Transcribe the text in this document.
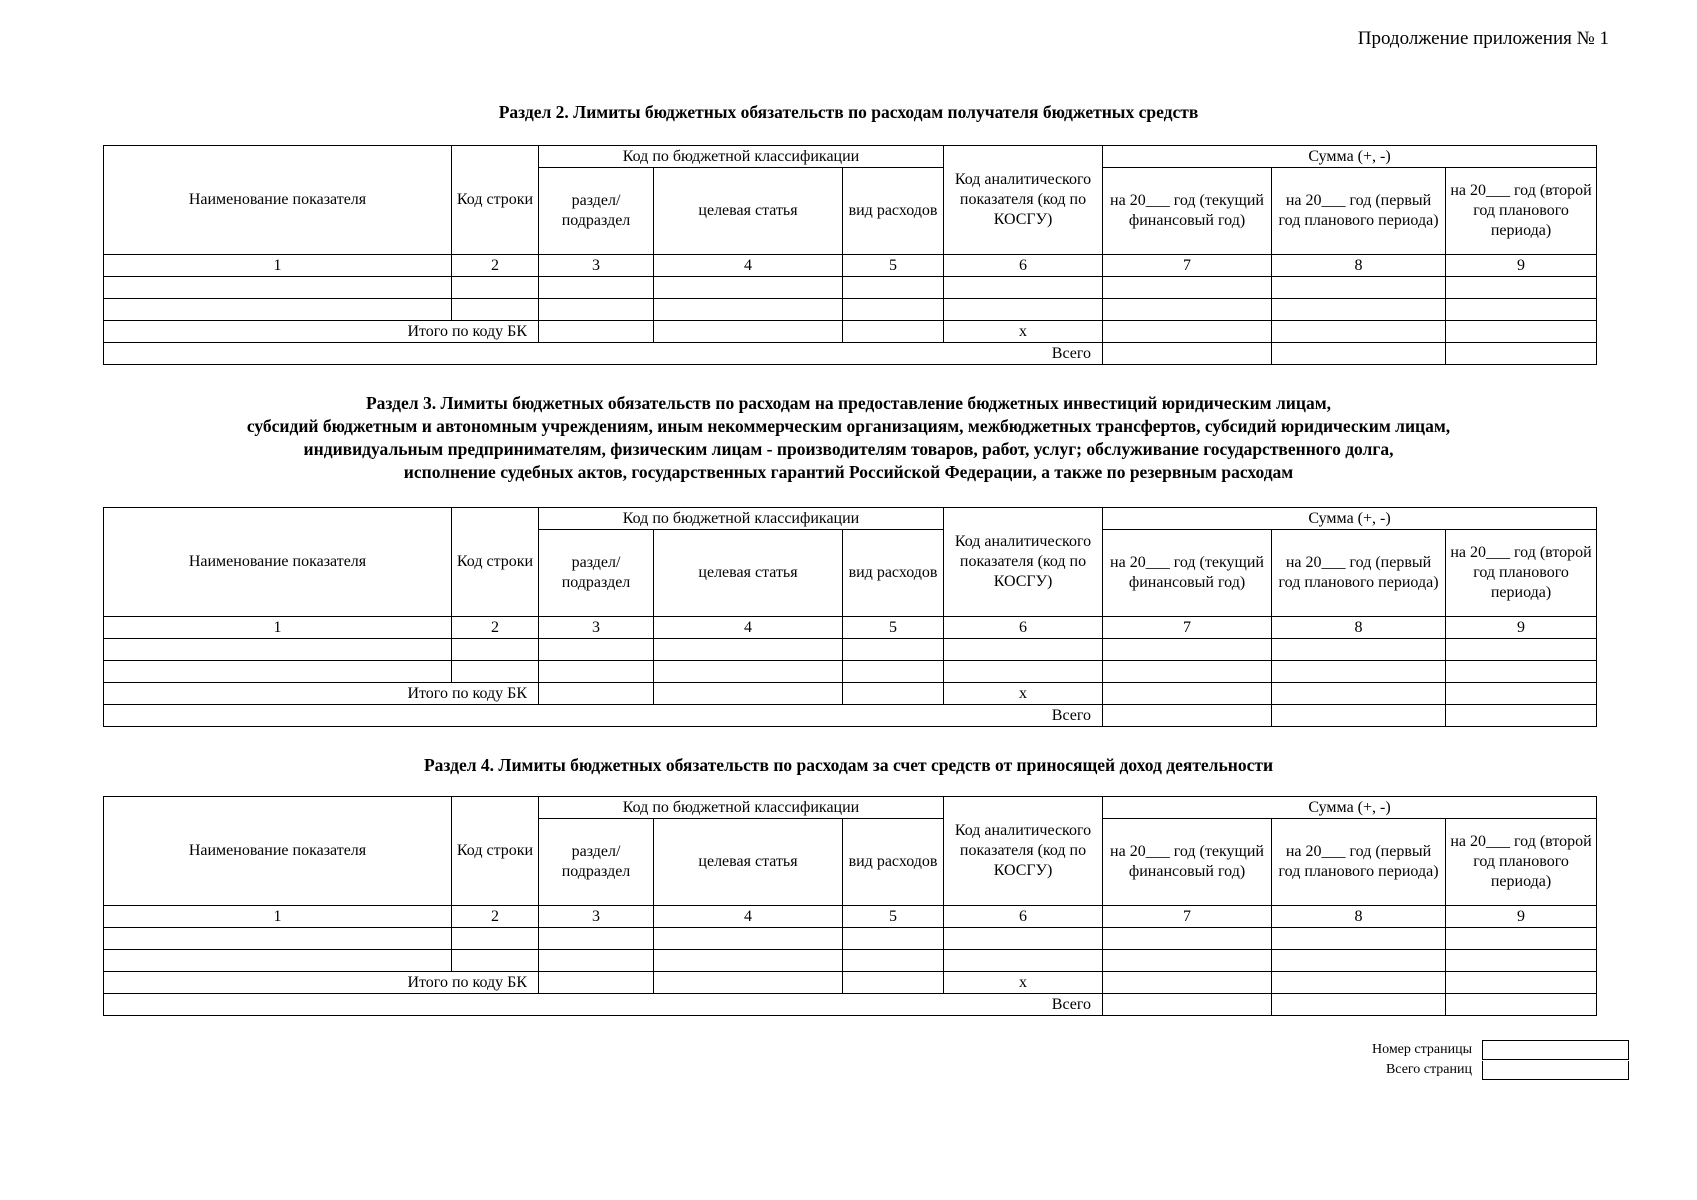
Продолжение приложения № 1
Раздел 2. Лимиты бюджетных обязательств по расходам получателя бюджетных средств
Наименование показателя	Код строки	Код по бюджетной классификации			Код аналитического показателя (код по КОСГУ)	Сумма (+, -)		
		раздел/ подраздел	целевая статья	вид расходов		на 20___ год (текущий финансовый год)	на 20___ год (первый год планового периода)	на 20___ год (второй год планового периода)
1	2	3	4	5	6	7	8	9

Итого по коду БК					x			
Всего								
Раздел 3. Лимиты бюджетных обязательств по расходам на предоставление бюджетных инвестиций юридическим лицам,
субсидий бюджетным и автономным учреждениям, иным некоммерческим организациям, межбюджетных трансфертов, субсидий юридическим лицам,
индивидуальным предпринимателям, физическим лицам - производителям товаров, работ, услуг; обслуживание государственного долга,
исполнение судебных актов, государственных гарантий Российской Федерации, а также по резервным расходам
Наименование показателя	Код строки	Код по бюджетной классификации			Код аналитического показателя (код по КОСГУ)	Сумма (+, -)		
		раздел/ подраздел	целевая статья	вид расходов		на 20___ год (текущий финансовый год)	на 20___ год (первый год планового периода)	на 20___ год (второй год планового периода)
1	2	3	4	5	6	7	8	9

Итого по коду БК					x			
Всего								
Раздел 4. Лимиты бюджетных обязательств по расходам за счет средств от приносящей доход деятельности
Наименование показателя	Код строки	Код по бюджетной классификации			Код аналитического показателя (код по КОСГУ)	Сумма (+, -)		
		раздел/ подраздел	целевая статья	вид расходов		на 20___ год (текущий финансовый год)	на 20___ год (первый год планового периода)	на 20___ год (второй год планового периода)
1	2	3	4	5	6	7	8	9

Итого по коду БК					x			
Всего								
Номер страницы
Всего страниц
